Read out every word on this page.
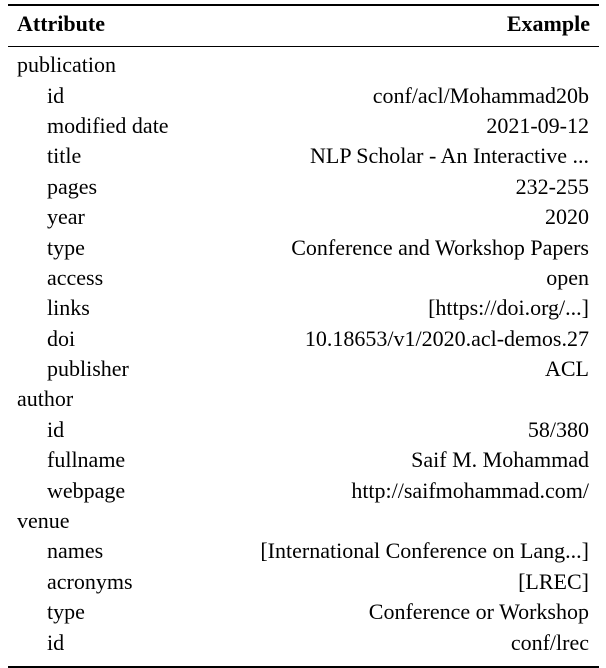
Attribute	Example
publication
id	conf/acl/Mohammad20b
modified date	2021-09-12
title	NLP Scholar - An Interactive ...
pages	232-255
year	2020
type	Conference and Workshop Papers
access	open
links	[https://doi.org/...]
doi	10.18653/v1/2020.acl-demos.27
publisher	ACL
author
id	58/380
fullname	Saif M. Mohammad
webpage	http://saifmohammad.com/
venue
names	[International Conference on Lang...]
acronyms	[LREC]
type	Conference or Workshop
id	conf/lrec
